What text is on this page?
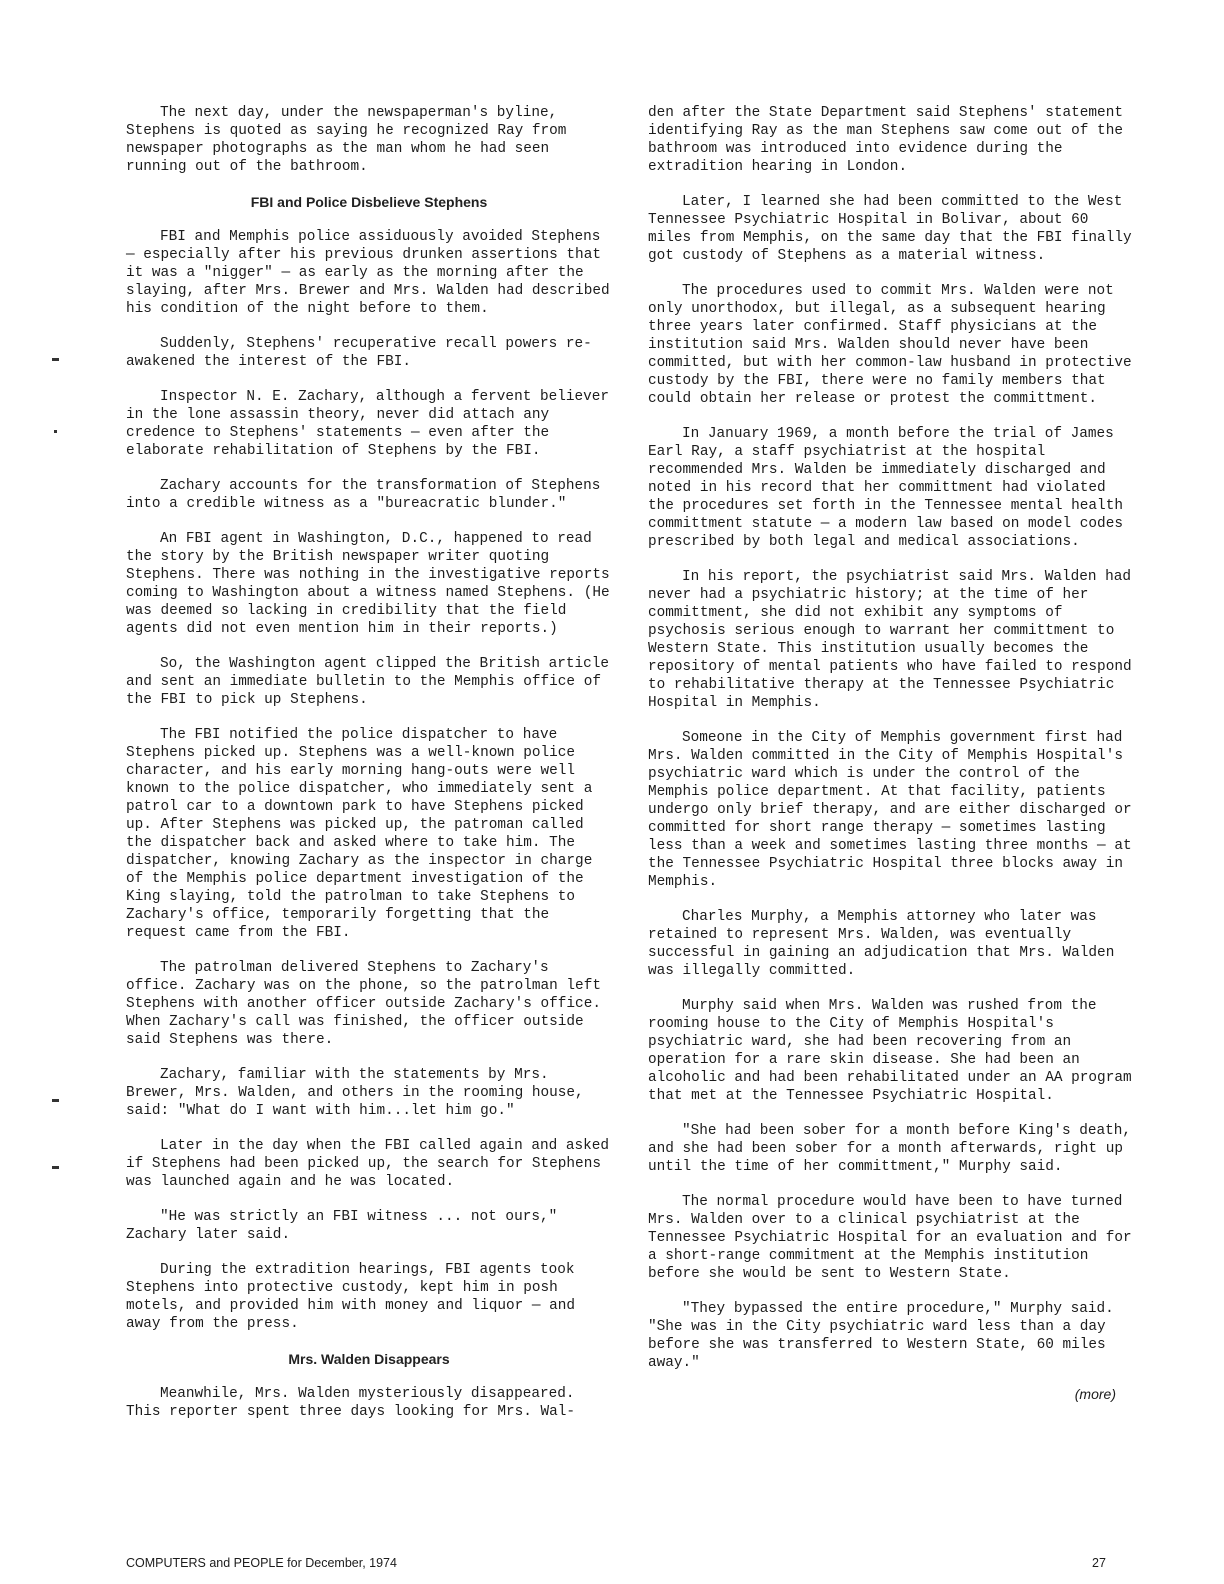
The next day, under the newspaperman's byline, Stephens is quoted as saying he recognized Ray from newspaper photographs as the man whom he had seen running out of the bathroom.

FBI and Police Disbelieve Stephens

FBI and Memphis police assiduously avoided Stephens — especially after his previous drunken assertions that it was a "nigger" — as early as the morning after the slaying, after Mrs. Brewer and Mrs. Walden had described his condition of the night before to them.

Suddenly, Stephens' recuperative recall powers re-awakened the interest of the FBI.

Inspector N. E. Zachary, although a fervent believer in the lone assassin theory, never did attach any credence to Stephens' statements — even after the elaborate rehabilitation of Stephens by the FBI.

Zachary accounts for the transformation of Stephens into a credible witness as a "bureacratic blunder."

An FBI agent in Washington, D.C., happened to read the story by the British newspaper writer quoting Stephens. There was nothing in the investigative reports coming to Washington about a witness named Stephens. (He was deemed so lacking in credibility that the field agents did not even mention him in their reports.)

So, the Washington agent clipped the British article and sent an immediate bulletin to the Memphis office of the FBI to pick up Stephens.

The FBI notified the police dispatcher to have Stephens picked up. Stephens was a well-known police character, and his early morning hang-outs were well known to the police dispatcher, who immediately sent a patrol car to a downtown park to have Stephens picked up. After Stephens was picked up, the patroman called the dispatcher back and asked where to take him. The dispatcher, knowing Zachary as the inspector in charge of the Memphis police department investigation of the King slaying, told the patrolman to take Stephens to Zachary's office, temporarily forgetting that the request came from the FBI.

The patrolman delivered Stephens to Zachary's office. Zachary was on the phone, so the patrolman left Stephens with another officer outside Zachary's office. When Zachary's call was finished, the officer outside said Stephens was there.

Zachary, familiar with the statements by Mrs. Brewer, Mrs. Walden, and others in the rooming house, said: "What do I want with him...let him go."

Later in the day when the FBI called again and asked if Stephens had been picked up, the search for Stephens was launched again and he was located.

"He was strictly an FBI witness ... not ours," Zachary later said.

During the extradition hearings, FBI agents took Stephens into protective custody, kept him in posh motels, and provided him with money and liquor — and away from the press.

Mrs. Walden Disappears

Meanwhile, Mrs. Walden mysteriously disappeared. This reporter spent three days looking for Mrs. Wal-

den after the State Department said Stephens' statement identifying Ray as the man Stephens saw come out of the bathroom was introduced into evidence during the extradition hearing in London.

Later, I learned she had been committed to the West Tennessee Psychiatric Hospital in Bolivar, about 60 miles from Memphis, on the same day that the FBI finally got custody of Stephens as a material witness.

The procedures used to commit Mrs. Walden were not only unorthodox, but illegal, as a subsequent hearing three years later confirmed. Staff physicians at the institution said Mrs. Walden should never have been committed, but with her common-law husband in protective custody by the FBI, there were no family members that could obtain her release or protest the committment.

In January 1969, a month before the trial of James Earl Ray, a staff psychiatrist at the hospital recommended Mrs. Walden be immediately discharged and noted in his record that her committment had violated the procedures set forth in the Tennessee mental health committment statute — a modern law based on model codes prescribed by both legal and medical associations.

In his report, the psychiatrist said Mrs. Walden had never had a psychiatric history; at the time of her committment, she did not exhibit any symptoms of psychosis serious enough to warrant her committment to Western State. This institution usually becomes the repository of mental patients who have failed to respond to rehabilitative therapy at the Tennessee Psychiatric Hospital in Memphis.

Someone in the City of Memphis government first had Mrs. Walden committed in the City of Memphis Hospital's psychiatric ward which is under the control of the Memphis police department. At that facility, patients undergo only brief therapy, and are either discharged or committed for short range therapy — sometimes lasting less than a week and sometimes lasting three months — at the Tennessee Psychiatric Hospital three blocks away in Memphis.

Charles Murphy, a Memphis attorney who later was retained to represent Mrs. Walden, was eventually successful in gaining an adjudication that Mrs. Walden was illegally committed.

Murphy said when Mrs. Walden was rushed from the rooming house to the City of Memphis Hospital's psychiatric ward, she had been recovering from an operation for a rare skin disease. She had been an alcoholic and had been rehabilitated under an AA program that met at the Tennessee Psychiatric Hospital.

"She had been sober for a month before King's death, and she had been sober for a month afterwards, right up until the time of her committment," Murphy said.

The normal procedure would have been to have turned Mrs. Walden over to a clinical psychiatrist at the Tennessee Psychiatric Hospital for an evaluation and for a short-range commitment at the Memphis institution before she would be sent to Western State.

"They bypassed the entire procedure," Murphy said. "She was in the City psychiatric ward less than a day before she was transferred to Western State, 60 miles away."

(more)
COMPUTERS and PEOPLE for December, 1974	27
